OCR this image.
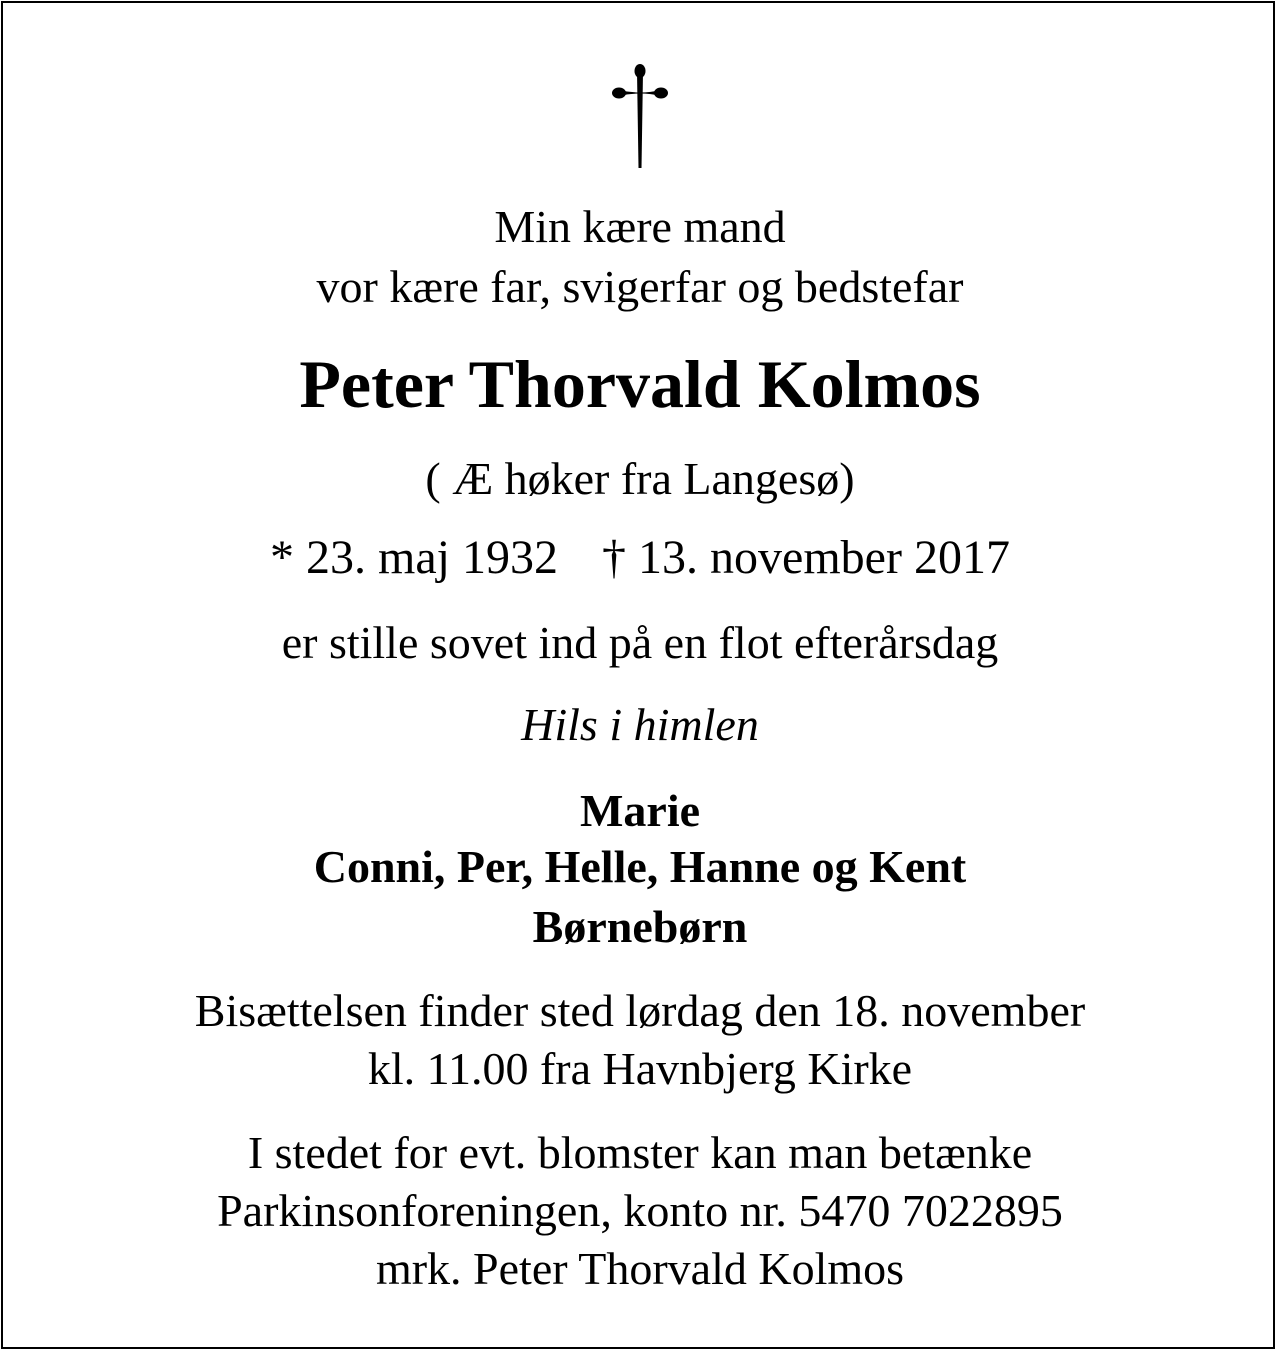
Min kære mand
vor kære far, svigerfar og bedstefar
Peter Thorvald Kolmos
( Æ høker fra Langesø)
* 23. maj 1932 † 13. november 2017
er stille sovet ind på en flot efterårsdag
Hils i himlen
Marie
Conni, Per, Helle, Hanne og Kent
Børnebørn
Bisættelsen finder sted lørdag den 18. november
kl. 11.00 fra Havnbjerg Kirke
I stedet for evt. blomster kan man betænke
Parkinsonforeningen, konto nr. 5470 7022895
mrk. Peter Thorvald Kolmos
